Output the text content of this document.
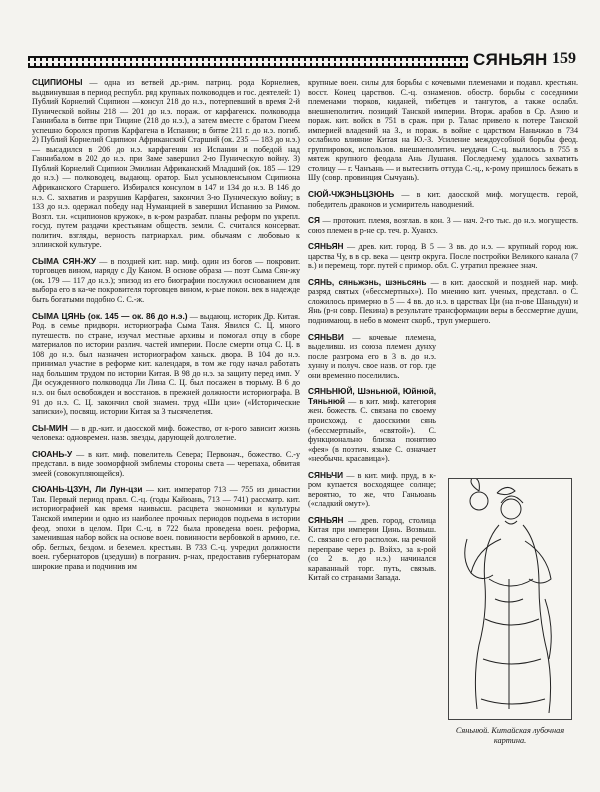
СЯНЬЯН 159

СЦИПИОНЫ — одна из ветвей др.-рим. патриц. рода Корнелиев, выдвинувшая в период республ. ряд крупных полководцев и гос. деятелей: 1) Публий Корнелий Сципион —консул 218 до н.э., потерпевший в время 2-й Пунической войны 218 — 201 до н.э. пораж. от карфагенск. полководца Ганнибала в битве при Тицине (218 до н.э.), а затем вместе с братом Гнеем успешно боролся против Карфагена в Испании; в битве 211 г. до н.э. погиб. 2) Публий Корнелий Сципион Африканский Старший (ок. 235 — 183 до н.э.) — высадился в 206 до н.э. карфагенян из Испании и победой над Ганнибалом в 202 до н.э. при Заме завершил 2-ю Пуническую войну. 3) Публий Корнелий Сципион Эмилиан Африканский Младший (ок. 185 — 129 до н.э.) — полководец, выдающ. оратор. Был усыновленсыном Сципиона Африканского Старшего. Избирался консулом в 147 и 134 до н.э. В 146 до н.э. С. захватив и разрушив Карфаген, закончил 3-ю Пуническую войну; в 133 до н.э. одержал победу над Нуманцией в завершил Испанию за Римом. Возгл. т.н. «сципионов кружок», в к-ром разрабат. планы реформ по укрепл. госуд. путем раздачи крестьянам обществ. земли. С. считался консерват. политич. взгляды, верность патриархал. рим. обычаям с любовью к эллинской культуре.

СЫМА СЯН-ЖУ — в поздней кит. нар. миф. один из богов — покровит. торговцев вином, наряду с Ду Каном. В основе образа — поэт Сыма Сян-жу (ок. 179 — 117 до н.э.); эпизод из его биографии послужил основанием для выбора его в ка-че покровителя торговцев вином, к-рые покон. век в надежде быть богатыми подобно С. С.-ж.

СЫМА ЦЯНЬ (ок. 145 — ок. 86 до н.э.) — выдающ. историк Др. Китая. Род. в семье придворн. историографа Сыма Таня. Явился С. Ц. много путешеств. по стране, изучал местные архивы и помогал отцу в сборе материалов по истории различ. частей империи. После смерти отца С. Ц. в 108 до н.э. был назначен историографом ханьск. двора. В 104 до н.э. принимал участие в реформе кит. календаря, в том же году начал работать над большим трудом по истории Китая. В 98 до н.э. за защиту перед имп. У Ди осужденного полководца Ли Лина С. Ц. был посажен в тюрьму. В 6 до н.э. он был освобожден и восстанов. в прежней должности историографа. В 91 до н.э. С. Ц. закончил свой знамен. труд «Ши цзи» («Исторические записки»), посвящ. истории Китая за 3 тысячелетия.

СЫ-МИН — в др.-кит. и даосской миф. божество, от к-рого зависит жизнь человека: одновремен. назв. звезды, дарующей долголетие.

СЮАНЬ-У — в кит. миф. повелитель Севера; Первонач., божество. С.-у представл. в виде зооморфной эмблемы стороны света — черепаха, обвитая змеей (совокупляющейся).

СЮАНЬ-ЦЗУН, Ли Лун-цзи — кит. император 713 — 755 из династии Тан. Первый период правл. С.-ц. (годы Кайюань, 713 — 741) рассматр. кит. историографией как время наивысш. расцвета экономики и культуры Танской империи и одно из наиболее прочных периодов подъема в истории феод. эпохи в целом. При С.-ц. в 722 была проведена воен. реформа, заменившая набор войск на основе воен. повинности вербовкой в армию, г.е. обр. беглых, бездом. и беземел. крестьян. В 733 С.-ц. учредил должности воен. губернаторов (цзедуши) в погранич. р-нах, предоставив губернаторам широкие права и подчинив им

крупные воен. силы для борьбы с кочевыми племенами и подавл. крестьян. восст. Конец царствов. С.-ц. ознаменов. обостр. борьбы с соседними племенами тюрков, киданей, тибетцев и тангутов, а также ослабл. внешнеполитич. позиций Танской империи. Вторж. арабов в Ср. Азию и пораж. кит. войск в 751 в сраж. при р. Талас привело к потере Танской империей владений на З., и пораж. в войне с царством Наньчжао в 734 ослабило влияние Китая на Ю.-З. Усиление междоусобной борьбы феод. группировок, использов. внешнеполитич. неудачи С.-ц. вылилось в 755 в мятеж крупного феодала Ань Лушаня. Последнему удалось захватить столицу — г. Чанъань — и вытеснить оттуда С.-ц., к-рому пришлось бежать в Шу (совр. провинция Сычуань).

СЮЙ-ЧЖЭНЬЦЗЮНЬ — в кит. даосской миф. могуществ. герой, победитель драконов и усмиритель наводнений.

СЯ — протокит. племя, возглав. в кон. 3 — нач. 2-го тыс. до н.э. могуществ. союз племен в р-не ср. теч. р. Хуанхэ.

СЯНЬЯН — древ. кит. город. В 5 — 3 вв. до н.э. — крупный город юж. царства Чу, в в ср. века — центр округа. После постройки Великого канала (7 в.) и перемещ. торг. путей с примор. обл. С. утратил прежнее знач.

СЯНЬ, сяньжэнь, шэньсянь — в кит. даосской и поздней нар. миф. разряд святых («бессмертных»). По мнению кит. ученых, представл. о С. сложилось примерно в 5 — 4 вв. до н.э. в царствах Ци (на п-ове Шаньдун) и Янь (р-н совр. Пекина) в результате трансформации веры в бессмертие души, поднимающ. в небо в момент скорб., труп умершего.

СЯНЬВИ — кочевые племена, выделивш. из союза племен дунху после разгрома его в 3 в. до н.э. хунну и получ. свое назв. от гор. где они временно поселились.

СЯНЬНЮЙ, Шэньнюй, Юйнюй, Тяньнюй — в кит. миф. категория жен. божеств. С. связана по своему происхожд. с даосскими сянь («бессмертный», «святой»). С. функционально близка понятию «фея» (в поэтич. языке С. означает «необычн. красавица»).

СЯНЬЧИ — в кит. миф. пруд, в к-ром купается восходящее солнце; вероятно, то же, что Ганьюань («сладкий омут»).

СЯНЬЯН — древ. город, столица Китая при империи Цинь. Возвыш. С. связано с его располож. на речной переправе через р. Вэйхэ, за к-рой (со 2 в. до н.э.) начинался караванный торг. путь, связыв. Китай со странами Запада.

Сяньнюй. Китайская лубочная картина.
